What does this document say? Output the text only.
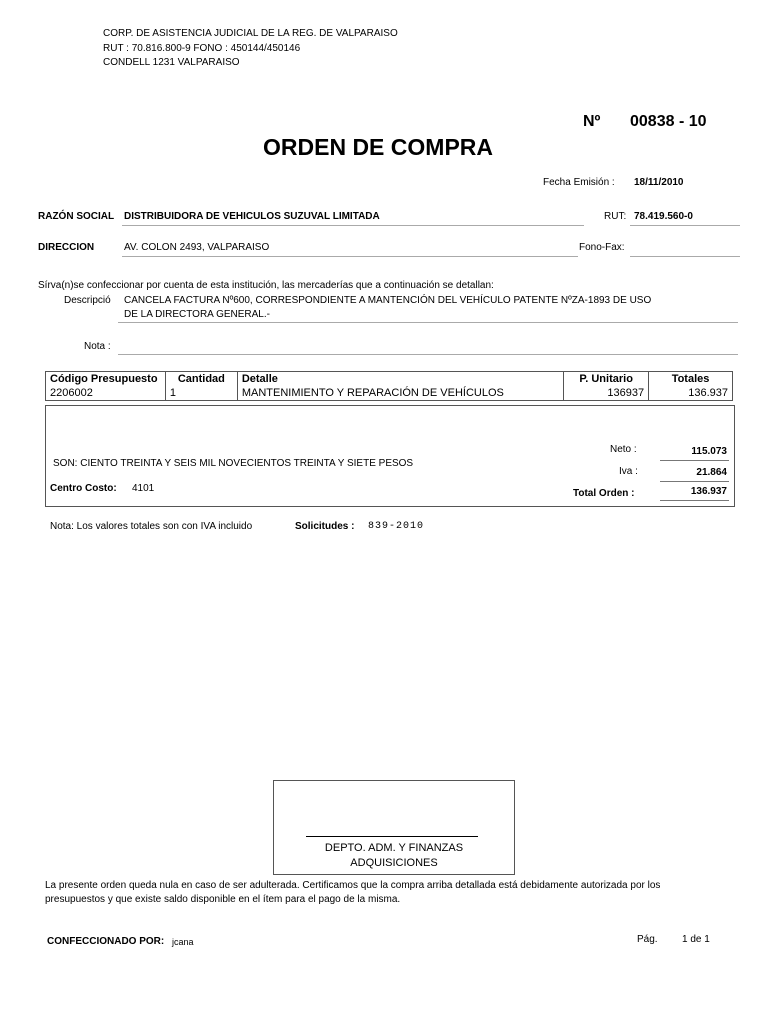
CORP. DE ASISTENCIA JUDICIAL DE LA REG. DE VALPARAISO
RUT : 70.816.800-9 FONO : 450144/450146
CONDELL 1231 VALPARAISO
Nº 00838 - 10
ORDEN DE COMPRA
Fecha Emisión : 18/11/2010
RAZÓN SOCIAL DISTRIBUIDORA DE VEHICULOS SUZUVAL LIMITADA	RUT: 78.419.560-0
DIRECCION	AV. COLON 2493, VALPARAISO	Fono-Fax:
Sírva(n)se confeccionar por cuenta de esta institución, las mercaderías que a continuación se detallan:
Descripció CANCELA FACTURA Nº600, CORRESPONDIENTE A MANTENCIÓN DEL VEHÍCULO PATENTE NºZA-1893 DE USO
DE LA DIRECTORA GENERAL.-
Nota :
Código Presupuesto	Cantidad	Detalle	P. Unitario	Totales
2206002	1	MANTENIMIENTO Y REPARACIÓN DE VEHÍCULOS	136937	136.937
SON: CIENTO TREINTA Y SEIS MIL NOVECIENTOS TREINTA Y SIETE PESOS
Centro Costo: 4101
Neto :	115.073
Iva :	21.864
Total Orden :	136.937
Nota: Los valores totales son con IVA incluido	Solicitudes : 839-2010
DEPTO. ADM. Y FINANZAS
ADQUISICIONES
La presente orden queda nula en caso de ser adulterada. Certificamos que la compra arriba detallada está debidamente autorizada por los
presupuestos y que existe saldo disponible en el ítem para el pago de la misma.
CONFECCIONADO POR: jcana	Pág. 1 de 1
